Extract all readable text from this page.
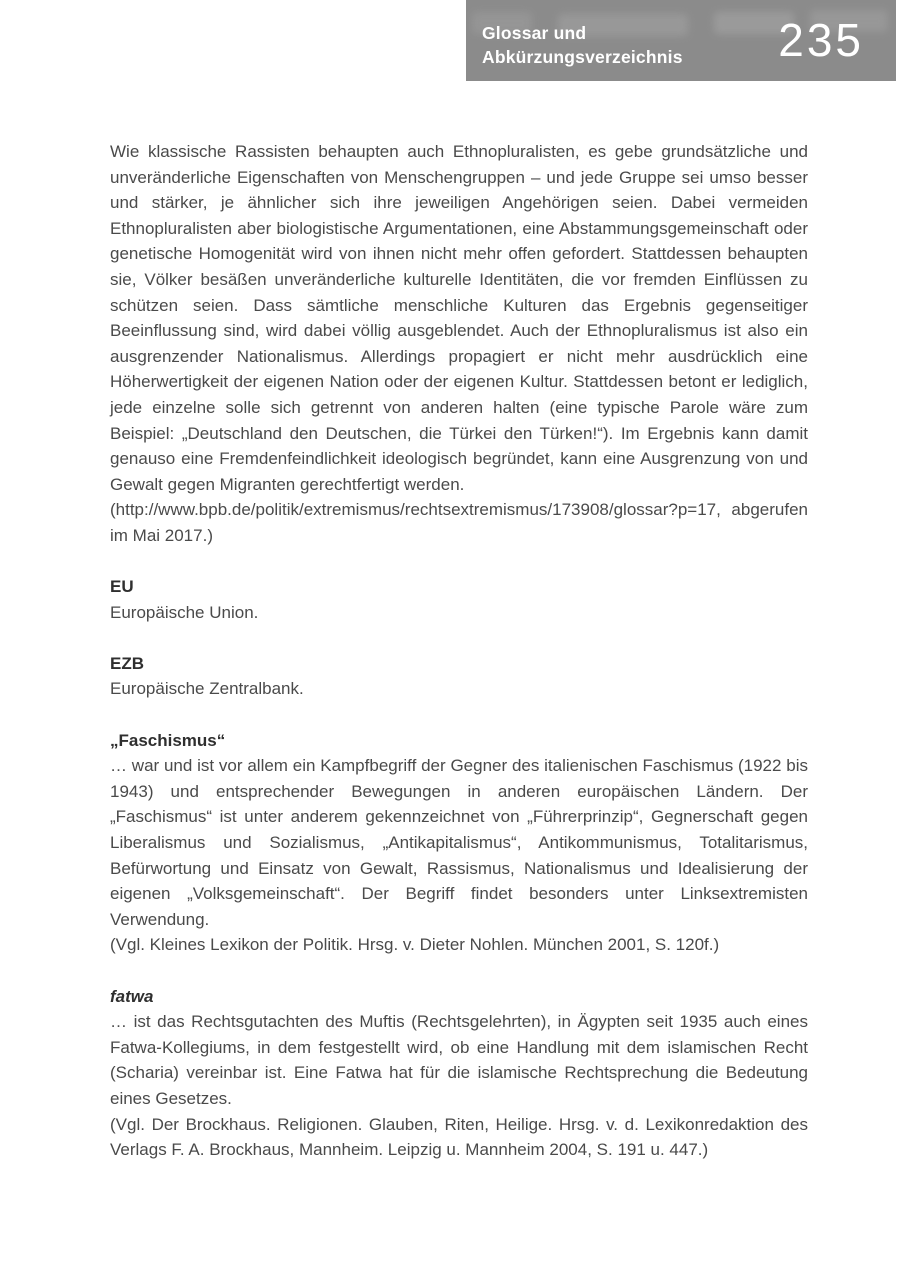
Glossar und
Abkürzungsverzeichnis 235

Wie klassische Rassisten behaupten auch Ethnopluralisten, es gebe grundsätzliche und unveränderliche Eigenschaften von Menschengruppen – und jede Gruppe sei umso besser und stärker, je ähnlicher sich ihre jeweiligen Angehörigen seien. Dabei vermeiden Ethnopluralisten aber biologistische Argumentationen, eine Abstammungsgemeinschaft oder genetische Homogenität wird von ihnen nicht mehr offen gefordert. Stattdessen behaupten sie, Völker besäßen unveränderliche kulturelle Identitäten, die vor fremden Einflüssen zu schützen seien. Dass sämtliche menschliche Kulturen das Ergebnis gegenseitiger Beeinflussung sind, wird dabei völlig ausgeblendet. Auch der Ethnopluralismus ist also ein ausgrenzender Nationalismus. Allerdings propagiert er nicht mehr ausdrücklich eine Höherwertigkeit der eigenen Nation oder der eigenen Kultur. Stattdessen betont er lediglich, jede einzelne solle sich getrennt von anderen halten (eine typische Parole wäre zum Beispiel: „Deutschland den Deutschen, die Türkei den Türken!“). Im Ergebnis kann damit genauso eine Fremdenfeindlichkeit ideologisch begründet, kann eine Ausgrenzung von und Gewalt gegen Migranten gerechtfertigt werden.

(http://www.bpb.de/politik/extremismus/rechtsextremismus/173908/glossar?p=17, abgerufen im Mai 2017.)

EU

Europäische Union.

EZB

Europäische Zentralbank.

„Faschismus“

… war und ist vor allem ein Kampfbegriff der Gegner des italienischen Faschismus (1922 bis 1943) und entsprechender Bewegungen in anderen europäischen Ländern. Der „Faschismus“ ist unter anderem gekennzeichnet von „Führerprinzip“, Gegnerschaft gegen Liberalismus und Sozialismus, „Antikapitalismus“, Antikommunismus, Totalitarismus, Befürwortung und Einsatz von Gewalt, Rassismus, Nationalismus und Idealisierung der eigenen „Volksgemeinschaft“. Der Begriff findet besonders unter Linksextremisten Verwendung.

(Vgl. Kleines Lexikon der Politik. Hrsg. v. Dieter Nohlen. München 2001, S. 120f.)

fatwa

… ist das Rechtsgutachten des Muftis (Rechtsgelehrten), in Ägypten seit 1935 auch eines Fatwa-Kollegiums, in dem festgestellt wird, ob eine Handlung mit dem islamischen Recht (Scharia) vereinbar ist. Eine Fatwa hat für die islamische Rechtsprechung die Bedeutung eines Gesetzes.

(Vgl. Der Brockhaus. Religionen. Glauben, Riten, Heilige. Hrsg. v. d. Lexikonredaktion des Verlags F. A. Brockhaus, Mannheim. Leipzig u. Mannheim 2004, S. 191 u. 447.)
